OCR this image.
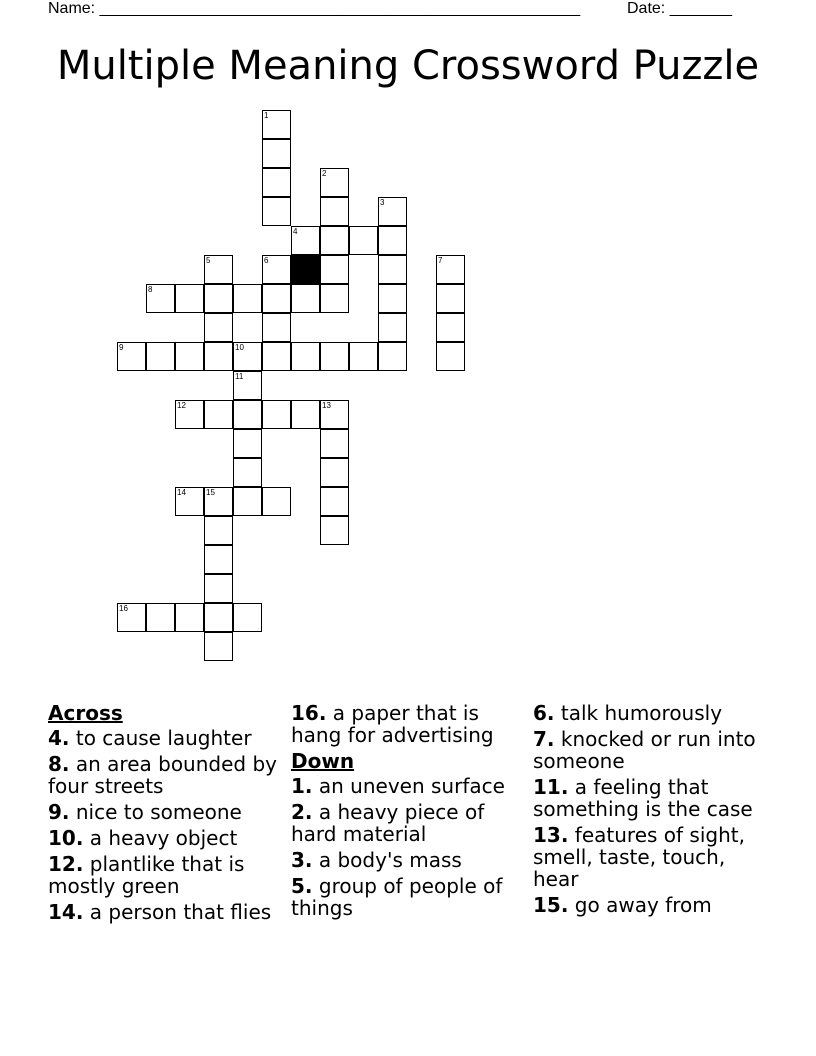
Name: ______________________________________________________	Date: _______
Multiple Meaning Crossword Puzzle
1
2
3
4
5	6	7
8
9	10
11
12	13
14	15
16
Across
4. to cause laughter
8. an area bounded by four streets
9. nice to someone
10. a heavy object
12. plantlike that is mostly green
14. a person that flies
16. a paper that is hang for advertising
Down
1. an uneven surface
2. a heavy piece of hard material
3. a body's mass
5. group of people of things
6. talk humorously
7. knocked or run into someone
11. a feeling that something is the case
13. features of sight, smell, taste, touch, hear
15. go away from
